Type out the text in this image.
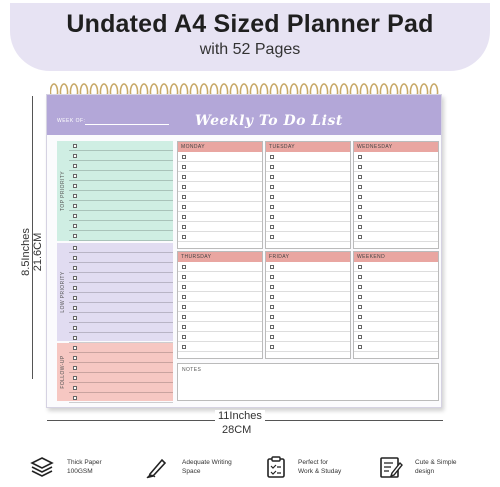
Undated A4 Sized Planner Pad
with 52 Pages
WEEK OF:	Weekly To Do List
TOP PRIORITY
LOW PRIORITY
FOLLOW-UP
MONDAY	TUESDAY	WEDNESDAY
THURSDAY	FRIDAY	WEEKEND
NOTES
8.5Inches 21.6CM
11Inches
28CM
Thick Paper
100GSM
Adequate Writing
Space
Perfect for
Work & Studay
Cute & Simple
design
